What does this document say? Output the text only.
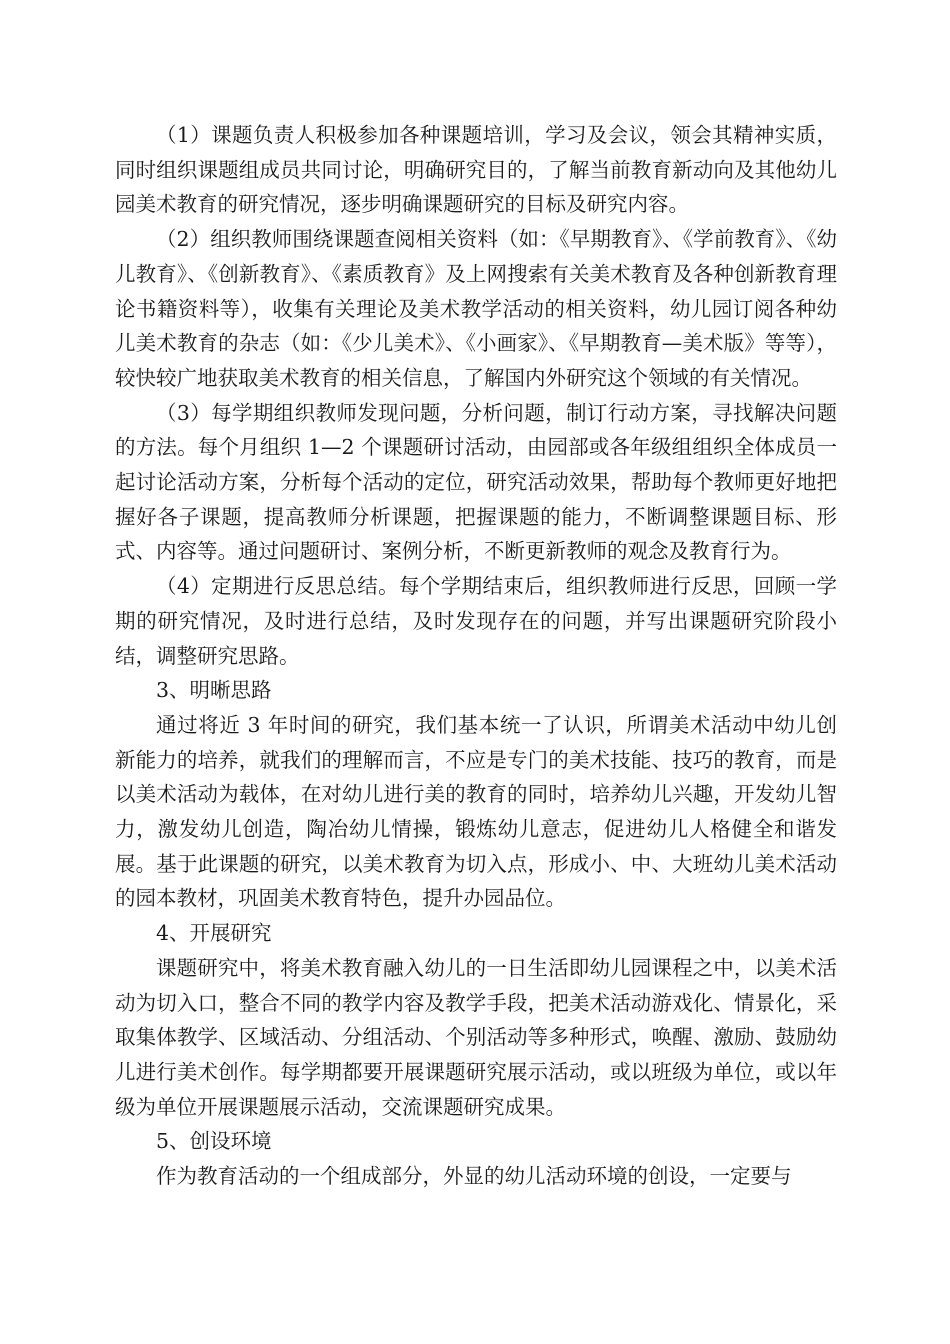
（1）课题负责人积极参加各种课题培训，学习及会议，领会其精神实质，同时组织课题组成员共同讨论，明确研究目的，了解当前教育新动向及其他幼儿园美术教育的研究情况，逐步明确课题研究的目标及研究内容。

（2）组织教师围绕课题查阅相关资料（如：《早期教育》、《学前教育》、《幼儿教育》、《创新教育》、《素质教育》及上网搜索有关美术教育及各种创新教育理论书籍资料等），收集有关理论及美术教学活动的相关资料，幼儿园订阅各种幼儿美术教育的杂志（如：《少儿美术》、《小画家》、《早期教育—美术版》等等），较快较广地获取美术教育的相关信息，了解国内外研究这个领域的有关情况。

（3）每学期组织教师发现问题，分析问题，制订行动方案，寻找解决问题的方法。每个月组织 1—2 个课题研讨活动，由园部或各年级组组织全体成员一起讨论活动方案，分析每个活动的定位，研究活动效果，帮助每个教师更好地把握好各子课题，提高教师分析课题，把握课题的能力，不断调整课题目标、形式、内容等。通过问题研讨、案例分析，不断更新教师的观念及教育行为。

（4）定期进行反思总结。每个学期结束后，组织教师进行反思，回顾一学期的研究情况，及时进行总结，及时发现存在的问题，并写出课题研究阶段小结，调整研究思路。

3、明晰思路

通过将近 3 年时间的研究，我们基本统一了认识，所谓美术活动中幼儿创新能力的培养，就我们的理解而言，不应是专门的美术技能、技巧的教育，而是以美术活动为载体，在对幼儿进行美的教育的同时，培养幼儿兴趣，开发幼儿智力，激发幼儿创造，陶冶幼儿情操，锻炼幼儿意志，促进幼儿人格健全和谐发展。基于此课题的研究，以美术教育为切入点，形成小、中、大班幼儿美术活动的园本教材，巩固美术教育特色，提升办园品位。

4、开展研究

课题研究中，将美术教育融入幼儿的一日生活即幼儿园课程之中，以美术活动为切入口，整合不同的教学内容及教学手段，把美术活动游戏化、情景化，采取集体教学、区域活动、分组活动、个别活动等多种形式，唤醒、激励、鼓励幼儿进行美术创作。每学期都要开展课题研究展示活动，或以班级为单位，或以年级为单位开展课题展示活动，交流课题研究成果。

5、创设环境

作为教育活动的一个组成部分，外显的幼儿活动环境的创设，一定要与
